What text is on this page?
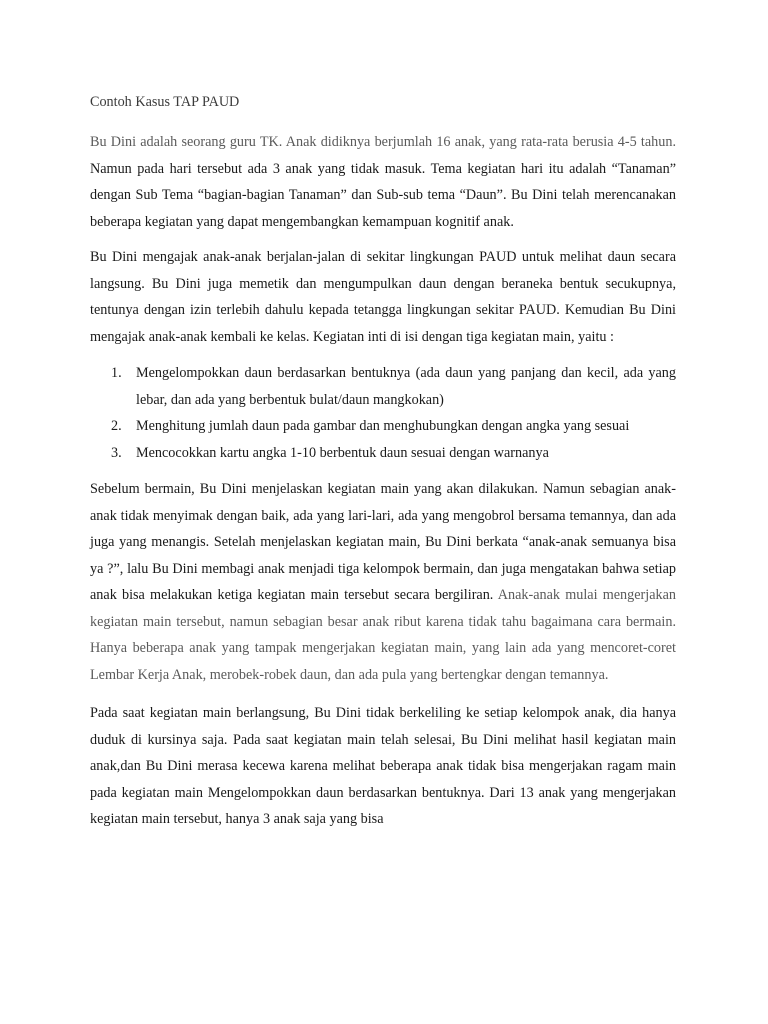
Contoh Kasus TAP PAUD

Bu Dini adalah seorang guru TK. Anak didiknya berjumlah 16 anak, yang rata-rata berusia 4-5 tahun. Namun pada hari tersebut ada 3 anak yang tidak masuk. Tema kegiatan hari itu adalah “Tanaman” dengan Sub Tema “bagian-bagian Tanaman” dan Sub-sub tema “Daun”. Bu Dini telah merencanakan beberapa kegiatan yang dapat mengembangkan kemampuan kognitif anak.

Bu Dini mengajak anak-anak berjalan-jalan di sekitar lingkungan PAUD untuk melihat daun secara langsung. Bu Dini juga memetik dan mengumpulkan daun dengan beraneka bentuk secukupnya, tentunya dengan izin terlebih dahulu kepada tetangga lingkungan sekitar PAUD. Kemudian Bu Dini mengajak anak-anak kembali ke kelas. Kegiatan inti di isi dengan tiga kegiatan main, yaitu :

1. Mengelompokkan daun berdasarkan bentuknya (ada daun yang panjang dan kecil, ada yang lebar, dan ada yang berbentuk bulat/daun mangkokan)
2. Menghitung jumlah daun pada gambar dan menghubungkan dengan angka yang sesuai
3. Mencocokkan kartu angka 1-10 berbentuk daun sesuai dengan warnanya

Sebelum bermain, Bu Dini menjelaskan kegiatan main yang akan dilakukan. Namun sebagian anak-anak tidak menyimak dengan baik, ada yang lari-lari, ada yang mengobrol bersama temannya, dan ada juga yang menangis. Setelah menjelaskan kegiatan main, Bu Dini berkata “anak-anak semuanya bisa ya ?”, lalu Bu Dini membagi anak menjadi tiga kelompok bermain, dan juga mengatakan bahwa setiap anak bisa melakukan ketiga kegiatan main tersebut secara bergiliran. Anak-anak mulai mengerjakan kegiatan main tersebut, namun sebagian besar anak ribut karena tidak tahu bagaimana cara bermain. Hanya beberapa anak yang tampak mengerjakan kegiatan main, yang lain ada yang mencoret-coret Lembar Kerja Anak, merobek-robek daun, dan ada pula yang bertengkar dengan temannya.

Pada saat kegiatan main berlangsung, Bu Dini tidak berkeliling ke setiap kelompok anak, dia hanya duduk di kursinya saja. Pada saat kegiatan main telah selesai, Bu Dini melihat hasil kegiatan main anak,dan Bu Dini merasa kecewa karena melihat beberapa anak tidak bisa mengerjakan ragam main pada kegiatan main Mengelompokkan daun berdasarkan bentuknya. Dari 13 anak yang mengerjakan kegiatan main tersebut, hanya 3 anak saja yang bisa
